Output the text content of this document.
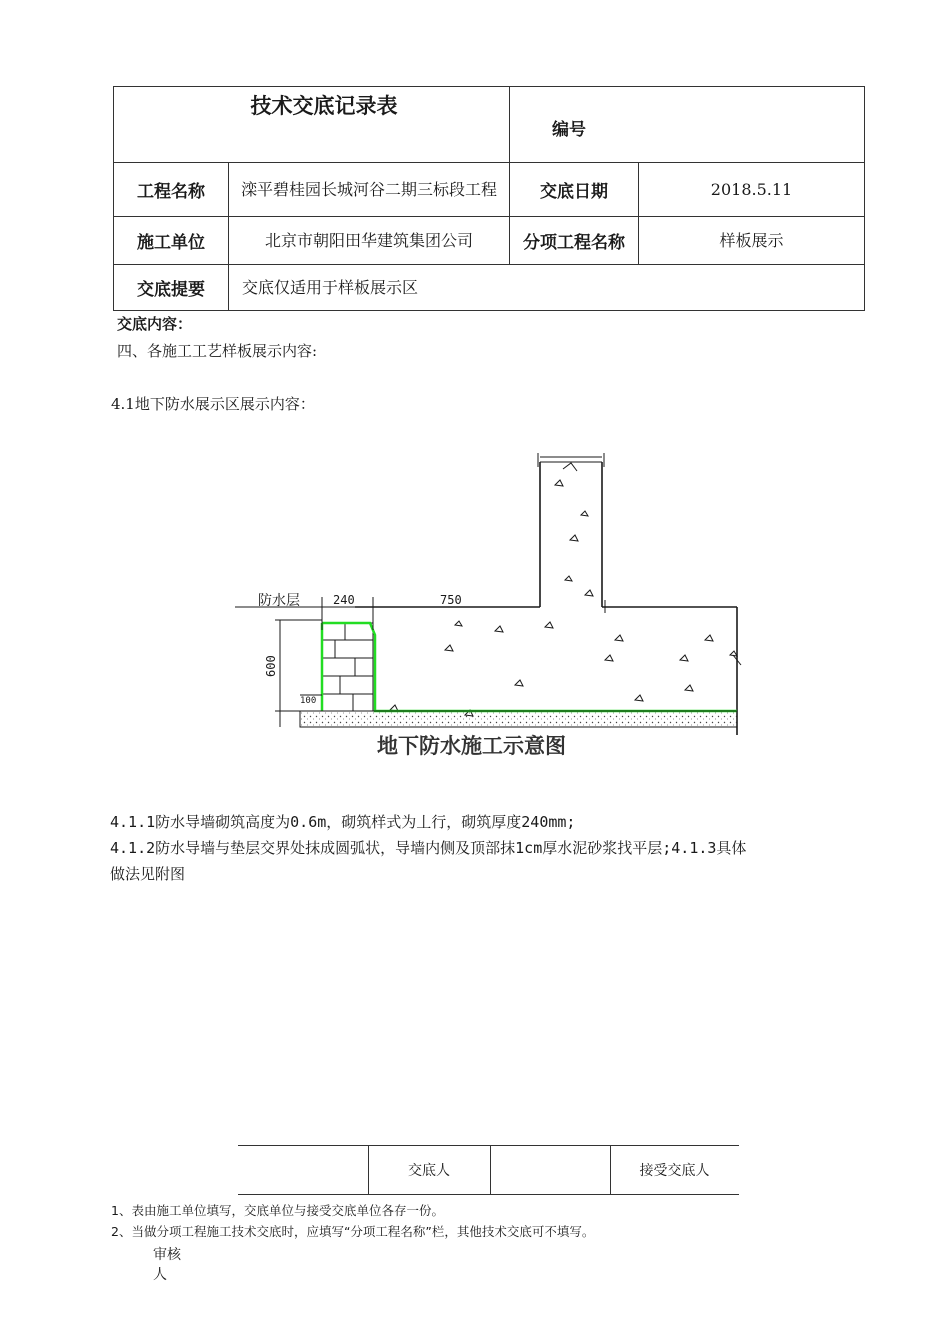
技术交底记录表
编号
工程名称	滦平碧桂园长城河谷二期三标段工程	交底日期	2018.5.11
施工单位	北京市朝阳田华建筑集团公司	分项工程名称	样板展示
交底提要	交底仅适用于样板展示区
交底内容：
四、各施工工艺样板展示内容:
4.1地下防水展示区展示内容：
防水层	240	750
600
100
地下防水施工示意图
4.1.1防水导墙砌筑高度为0.6m，砌筑样式为丄行，砌筑厚度240mm;
4.1.2防水导墙与垫层交界处抹成圆弧状，导墙内侧及顶部抹1cm厚水泥砂浆找平层;4.1.3具体
做法见附图
交底人	接受交底人
1、表由施工单位填写，交底单位与接受交底单位各存一份。
2、当做分项工程施工技术交底时，应填写“分项工程名称”栏，其他技术交底可不填写。
审核人
